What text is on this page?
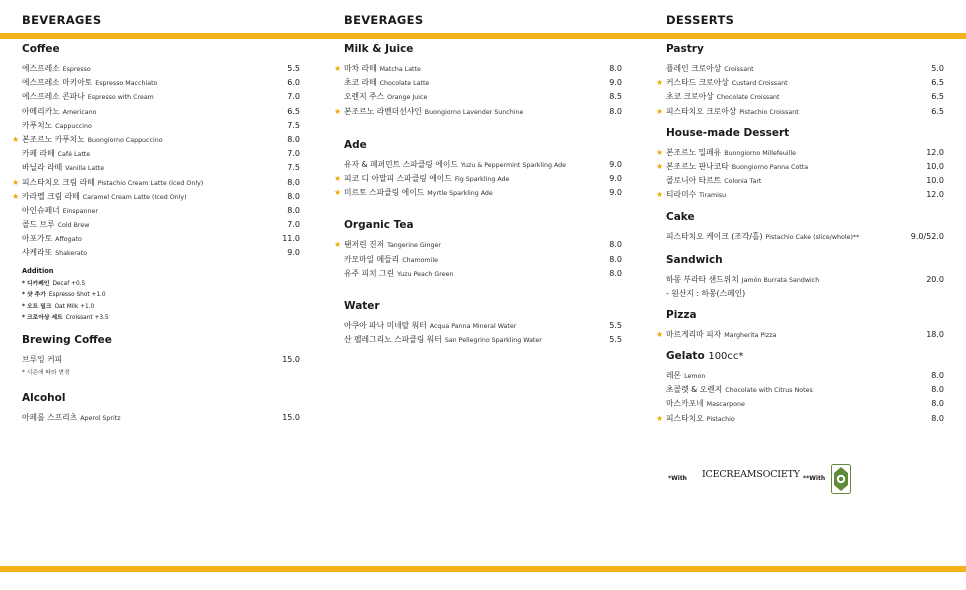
BEVERAGES	BEVERAGES	DESSERTS
Coffee
에스프레소 Espresso	5.5
에스프레소 마키아토 Espresso Macchiato	6.0
에스프레소 콘파나 Espresso with Cream	7.0
아메리카노 Americano	6.5
카푸치노 Cappuccino	7.5
★ 본조르노 카푸치노 Buongiorno Cappuccino	8.0
카페 라떼 Café Latte	7.0
바닐라 라떼 Vanilla Latte	7.5
★ 피스타치오 크림 라떼 Pistachio Cream Latte (Iced Only)	8.0
★ 카라멜 크림 라떼 Caramel Cream Latte (Iced Only)	8.0
아인슈페너 Einspanner	8.0
콜드 브루 Cold Brew	7.0
아포가토 Affogato	11.0
샤케라또 Shakerato	9.0
Addition
* 디카페인 Decaf +0.5
* 샷 추가 Espresso Shot +1.0
* 오트 밀크 Oat Milk +1.0
* 크로아상 세트 Croissant +3.5
Brewing Coffee
브루잉 커피	15.0
* 시즌에 따라 변경
Alcohol
아페롤 스프리츠 Aperol Spritz	15.0
Milk & Juice
★ 마차 라떼 Matcha Latte	8.0
초코 라떼 Chocolate Latte	9.0
오렌지 주스 Orange Juice	8.5
★ 본조르노 라벤더선샤인 Buongiorno Lavender Sunchine	8.0
Ade
유자 & 페퍼민트 스파클링 에이드 Yuzu & Peppermint Sparkling Ade	9.0
★ 피코 디 아말피 스파클링 에이드 Fig Sparkling Ade	9.0
★ 미르토 스파클링 에이드 Myrtle Sparkling Ade	9.0
Organic Tea
★ 탠저린 진저 Tangerine Ginger	8.0
카모마일 메들리 Chamomile	8.0
유주 피치 그린 Yuzu Peach Green	8.0
Water
아쿠아 파나 미네랄 워터 Acqua Panna Mineral Water	5.5
산 펠레그리노 스파클링 워터 San Pellegrino Sparkling Water	5.5
Pastry
플레인 크로아상 Croissant	5.0
★ 커스타드 크로아상 Custard Croissant	6.5
초코 크로아상 Chocolate Croissant	6.5
★ 피스타치오 크로아상 Pistachio Croissant	6.5
House-made Dessert
★ 본조르노 밀페유 Buongiorno Millefeuille	12.0
★ 본조르노 판나코타 Buongiorno Panna Cotta	10.0
콜로니아 타르트 Colonia Tart	10.0
★ 티라미수 Tiramisu	12.0
Cake
피스타치오 케이크 (조각/홀) Pistachio Cake (slice/whole)**	9.0/52.0
Sandwich
하몽 부라타 샌드위치 Jamón Burrata Sandwich	20.0
- 원산지 : 하몽(스페인)
Pizza
★ 마르게리따 피자 Margherita Pizza	18.0
Gelato 100cc*
레몬 Lemon	8.0
초콜렛 & 오렌지 Chocolate with Citrus Notes	8.0
마스카포네 Mascarpone	8.0
★ 피스타치오 Pistachio	8.0
*With ICECREAMSOCIETY **With
